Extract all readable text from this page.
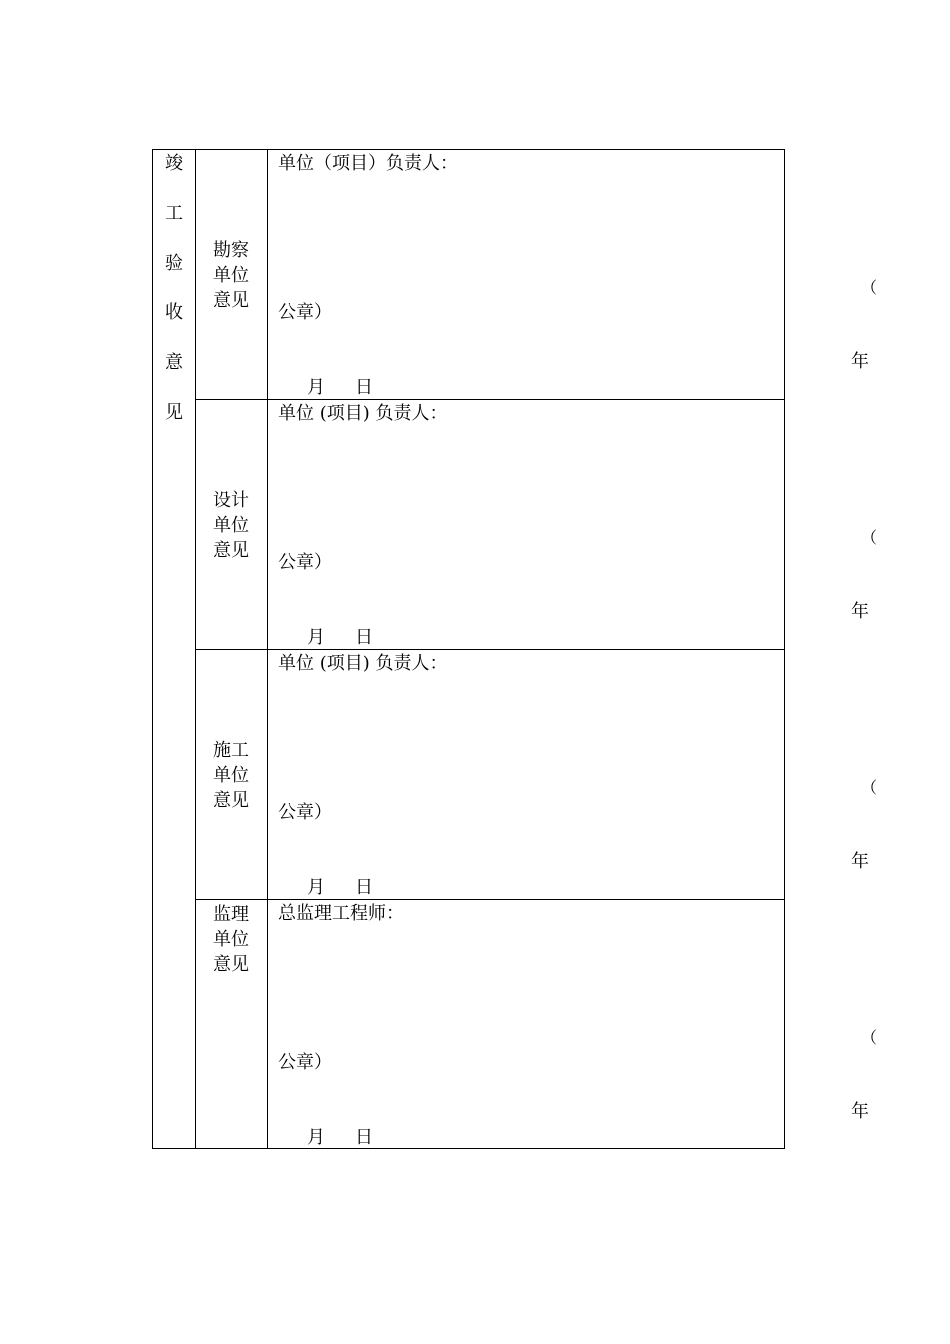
竣
工
验
收
意
见
勘察单位意见
单位（项目）负责人：
（
公章）
年
月 日
设计单位意见
单位 (项目) 负责人：
（
公章）
年
月 日
施工单位意见
单位 (项目) 负责人：
（
公章）
年
月 日
监理单位意见
总监理工程师：
（
公章）
年
月 日
